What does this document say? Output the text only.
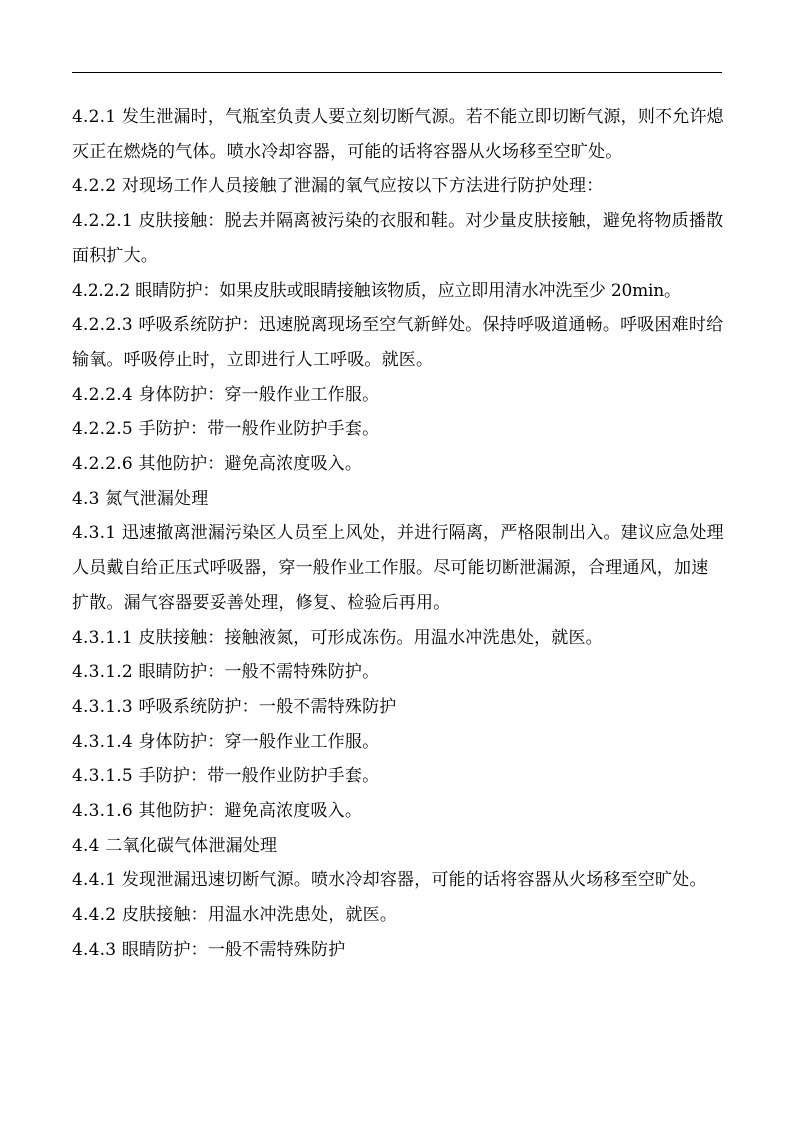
4.2.1 发生泄漏时，气瓶室负责人要立刻切断气源。若不能立即切断气源，则不允许熄灭正在燃烧的气体。喷水冷却容器，可能的话将容器从火场移至空旷处。

4.2.2 对现场工作人员接触了泄漏的氧气应按以下方法进行防护处理：

4.2.2.1 皮肤接触：脱去并隔离被污染的衣服和鞋。对少量皮肤接触，避免将物质播散面积扩大。

4.2.2.2 眼睛防护：如果皮肤或眼睛接触该物质，应立即用清水冲洗至少 20min。

4.2.2.3 呼吸系统防护：迅速脱离现场至空气新鲜处。保持呼吸道通畅。呼吸困难时给输氧。呼吸停止时，立即进行人工呼吸。就医。

4.2.2.4 身体防护：穿一般作业工作服。

4.2.2.5 手防护：带一般作业防护手套。

4.2.2.6 其他防护：避免高浓度吸入。

4.3 氮气泄漏处理

4.3.1 迅速撤离泄漏污染区人员至上风处，并进行隔离，严格限制出入。建议应急处理人员戴自给正压式呼吸器，穿一般作业工作服。尽可能切断泄漏源，合理通风，加速扩散。漏气容器要妥善处理，修复、检验后再用。

4.3.1.1 皮肤接触：接触液氮，可形成冻伤。用温水冲洗患处，就医。

4.3.1.2 眼睛防护：一般不需特殊防护。

4.3.1.3 呼吸系统防护：一般不需特殊防护

4.3.1.4 身体防护：穿一般作业工作服。

4.3.1.5 手防护：带一般作业防护手套。

4.3.1.6 其他防护：避免高浓度吸入。

4.4 二氧化碳气体泄漏处理

4.4.1 发现泄漏迅速切断气源。喷水冷却容器，可能的话将容器从火场移至空旷处。

4.4.2 皮肤接触：用温水冲洗患处，就医。

4.4.3 眼睛防护：一般不需特殊防护
